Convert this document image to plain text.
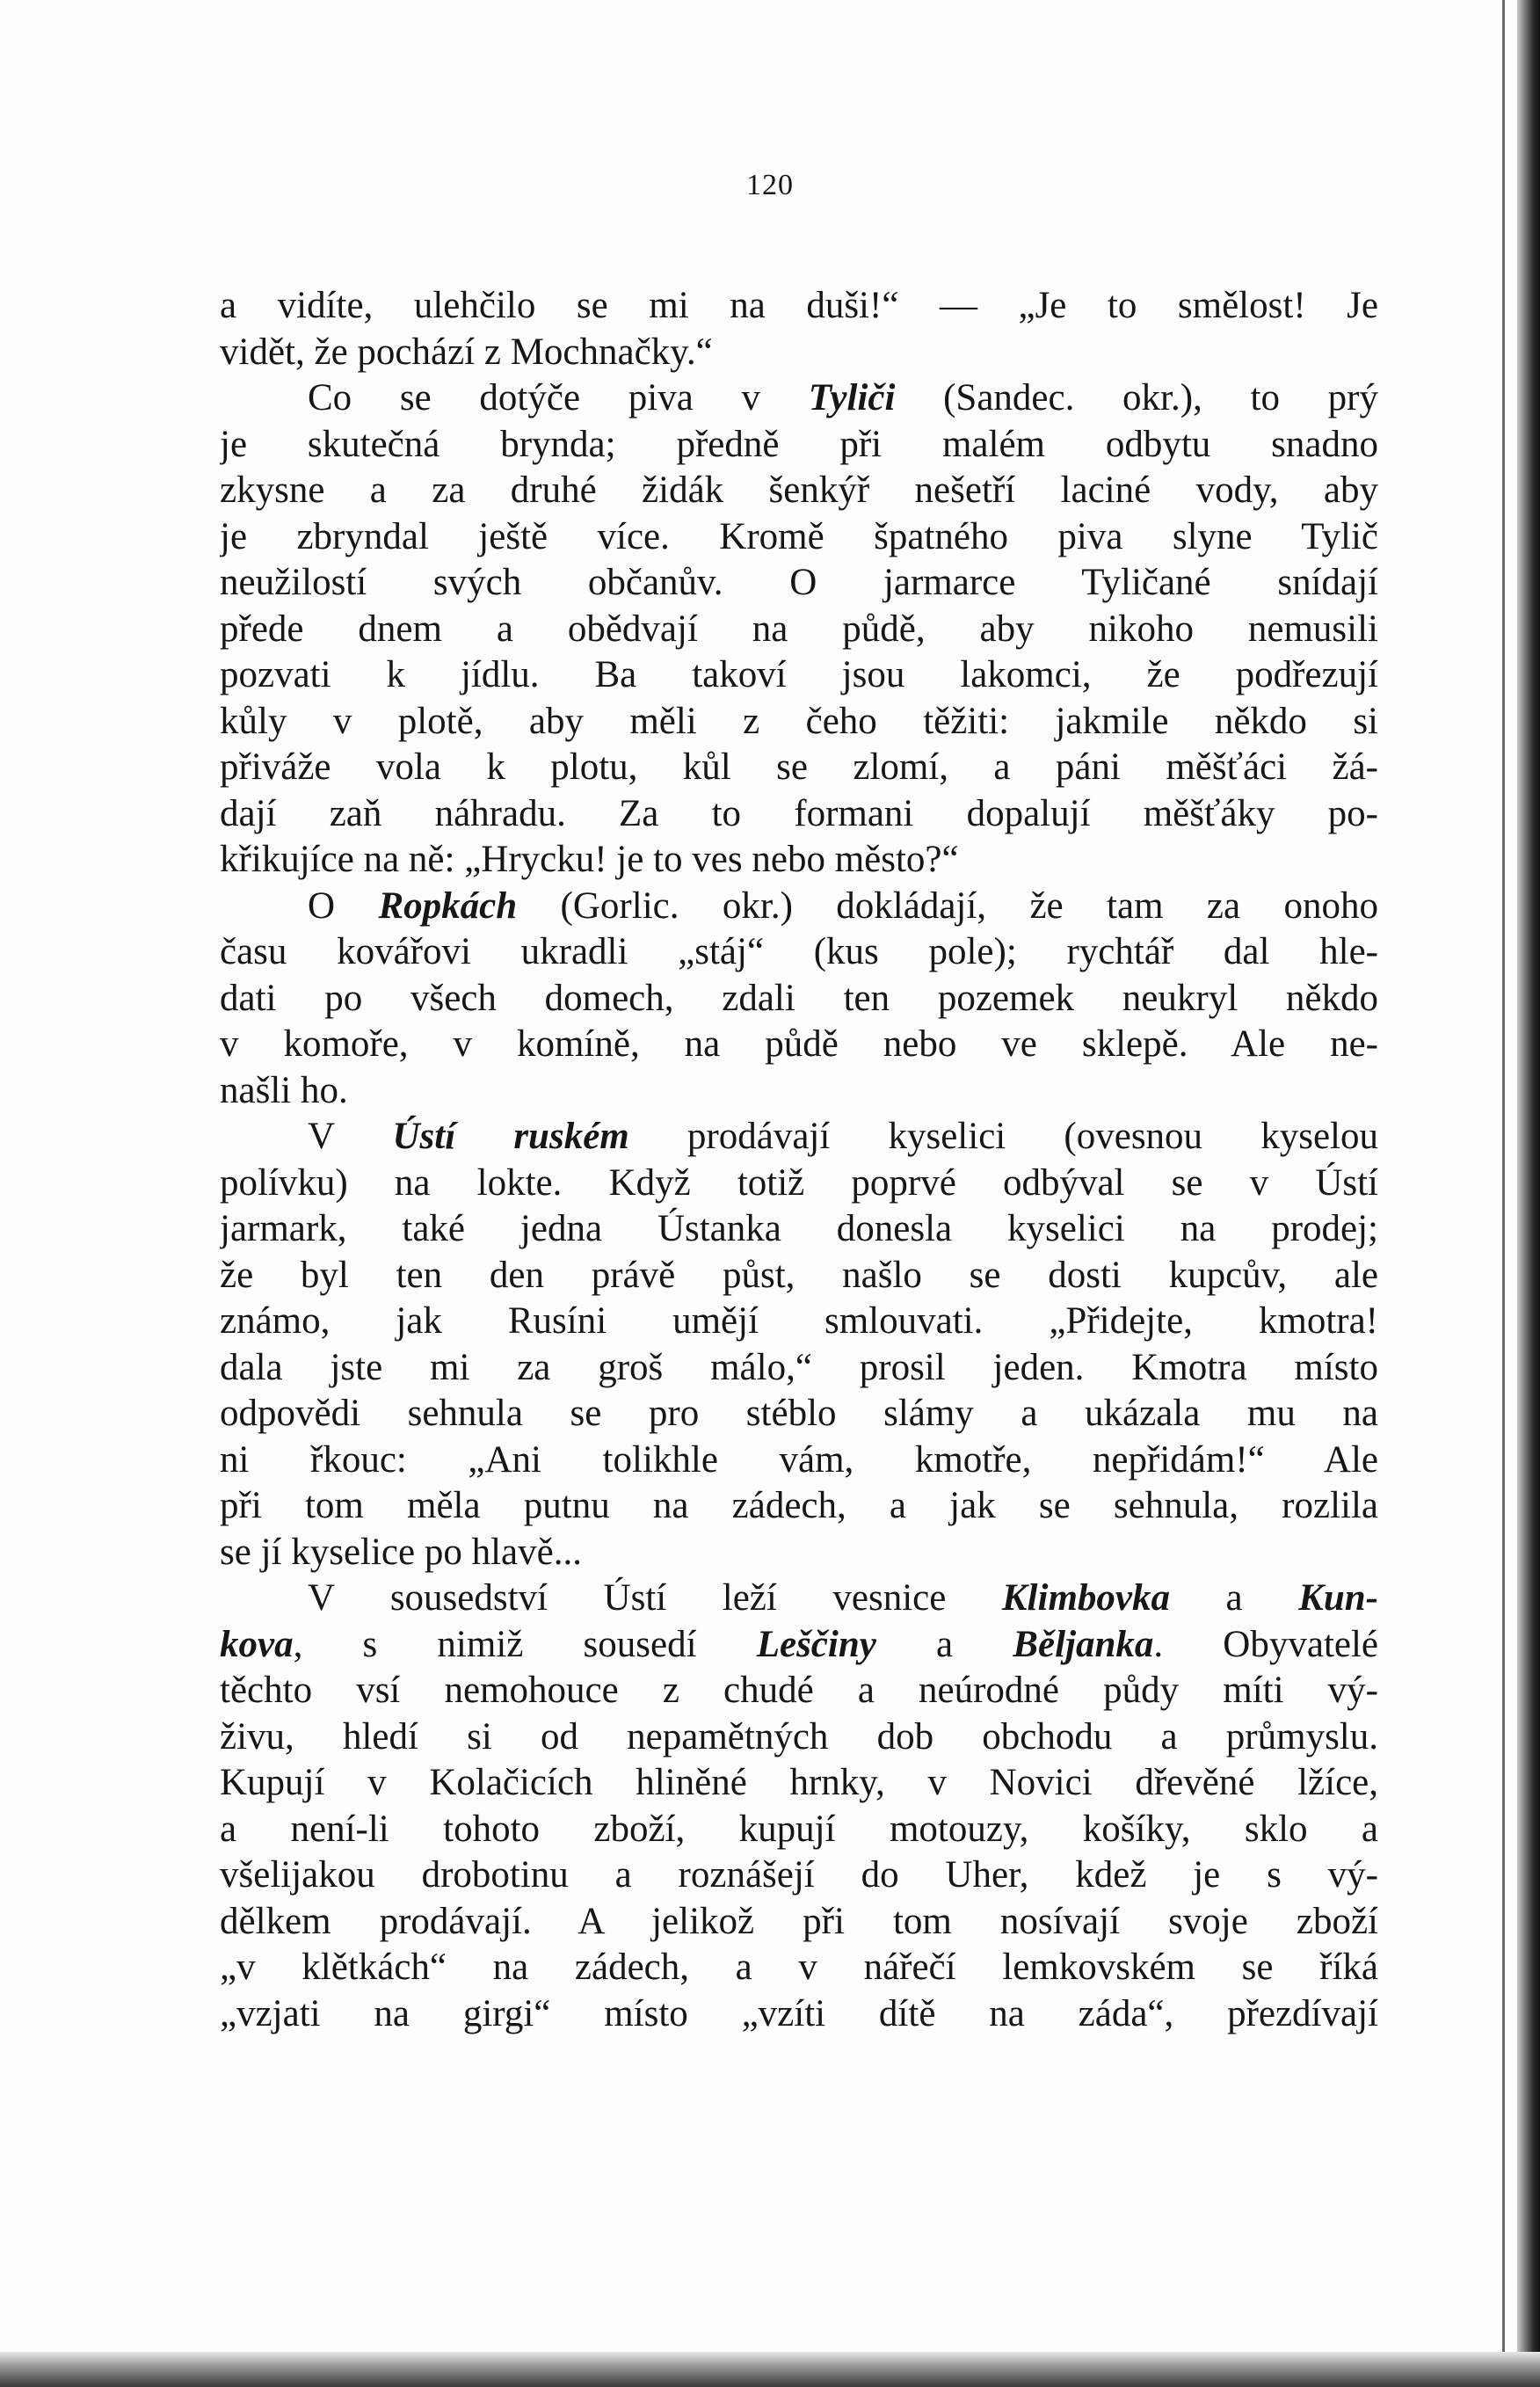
120
a vidíte, ulehčilo se mi na duši!“ — „Je to smělost! Je
vidět, že pochází z Mochnačky.“
Co se dotýče piva v Tyliči (Sandec. okr.), to prý
je skutečná brynda; předně při malém odbytu snadno
zkysne a za druhé židák šenkýř nešetří laciné vody, aby
je zbryndal ještě více. Kromě špatného piva slyne Tylič
neužilostí svých občanův. O jarmarce Tyličané snídají
přede dnem a obědvají na půdě, aby nikoho nemusili
pozvati k jídlu. Ba takoví jsou lakomci, že podřezují
kůly v plotě, aby měli z čeho těžiti: jakmile někdo si
přiváže vola k plotu, kůl se zlomí, a páni měšťáci žá-
dají zaň náhradu. Za to formani dopalují měšťáky po-
křikujíce na ně: „Hrycku! je to ves nebo město?“
O Ropkách (Gorlic. okr.) dokládají, že tam za onoho
času kovářovi ukradli „stáj“ (kus pole); rychtář dal hle-
dati po všech domech, zdali ten pozemek neukryl někdo
v komoře, v komíně, na půdě nebo ve sklepě. Ale ne-
našli ho.
V Ústí ruském prodávají kyselici (ovesnou kyselou
polívku) na lokte. Když totiž poprvé odbýval se v Ústí
jarmark, také jedna Ústanka donesla kyselici na prodej;
že byl ten den právě půst, našlo se dosti kupcův, ale
známo, jak Rusíni umějí smlouvati. „Přidejte, kmotra!
dala jste mi za groš málo,“ prosil jeden. Kmotra místo
odpovědi sehnula se pro stéblo slámy a ukázala mu na
ni řkouc: „Ani tolikhle vám, kmotře, nepřidám!“ Ale
při tom měla putnu na zádech, a jak se sehnula, rozlila
se jí kyselice po hlavě...
V sousedství Ústí leží vesnice Klimbovka a Kun-
kova, s nimiž sousedí Leščiny a Běljanka. Obyvatelé
těchto vsí nemohouce z chudé a neúrodné půdy míti vý-
živu, hledí si od nepamětných dob obchodu a průmyslu.
Kupují v Kolačicích hliněné hrnky, v Novici dřevěné lžíce,
a není-li tohoto zboží, kupují motouzy, košíky, sklo a
všelijakou drobotinu a roznášejí do Uher, kdež je s vý-
dělkem prodávají. A jelikož při tom nosívají svoje zboží
„v klětkách“ na zádech, a v nářečí lemkovském se říká
„vzjati na girgi“ místo „vzíti dítě na záda“, přezdívají
